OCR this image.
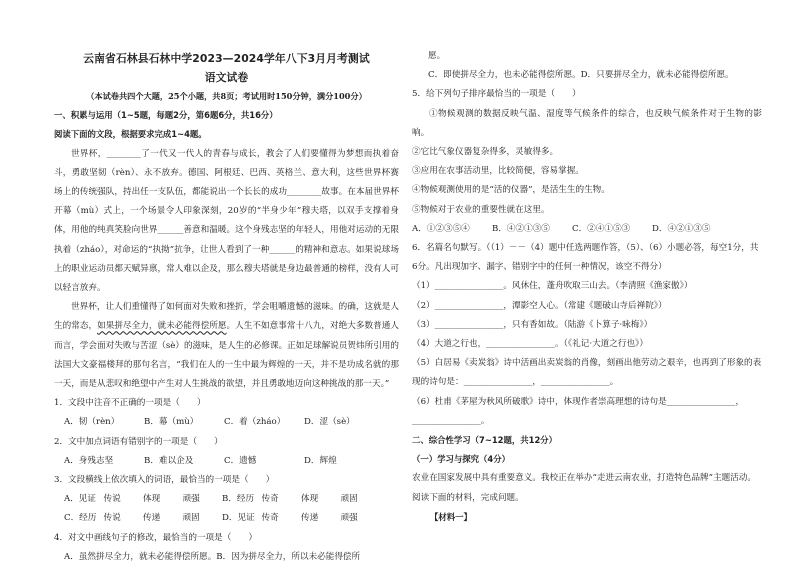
云南省石林县石林中学2023—2024学年八下3月月考测试
语文试卷
（本试卷共四个大题，25个小题，共8页；考试用时150分钟，满分100分）
一、积累与运用（1~5题，每题2分，第6题6分，共16分）
阅读下面的文段，根据要求完成1~4题。

世界杯，________了一代又一代人的青春与成长，教会了人们要懂得为梦想而执着奋斗，勇敢坚韧（rèn）、永不放弃。德国、阿根廷、巴西、英格兰、意大利，这些世界杯赛场上的传统强队，持出任一支队伍，都能说出一个长长的成功________故事。在本届世界杯开幕（mù）式上，一个场景令人印象深刻，20岁的“半身少年”穆夫塔，以双手支撑着身体，用他的纯真笑脸向世界______善意和温暖。这个身残志坚的年轻人，用他对运动的无限执着（zháo），对命运的“执拗”抗争，让世人看到了一种______的精神和意志。如果说球场上的职业运动员都天赋异禀，常人难以企及，那么穆夫塔就是身边最普通的榜样，没有人可以轻言放弃。

世界杯，让人们重懂得了如何面对失败和挫折，学会咀嚼遗憾的滋味。的确，这就是人生的常态，如果拼尽全力，就未必能得偿所愿。人生不如意事常十八九，对绝大多数普通人而言，学会面对失败与苦涩（sè）的滋味，是人生的必修课。正如足球解说员贺炜所引用的法国大文豪福楼拜的那句名言，“我们在人的一生中最为辉煌的一天，并不是功成名就的那一天，而是从悲叹和绝望中产生对人生挑战的欲望，并且勇敢地迈向这种挑战的那一天。”

1．文段中注音不正确的一项是（　　）
A．韧（rèn）	B．幕（mù）	C．着（zháo）	D．涩（sè）
2．文中加点词语有错别字的一项是（　　）
A．身残志坚	B．难以企及	C．遗憾	D．辉煌
3．文段横线上依次填入的词语，最恰当的一项是（　　）
A．见证 传说	体现	顽强	B．经历 传奇	体现	顽固
C．经历 传说	传递	顽固	D．见证 传奇	传递	顽强
4．对文中画线句子的修改，最恰当的一项是（　　）
A．虽然拼尽全力，就未必能得偿所愿。B．因为拼尽全力，所以未必能得偿所
愿。
C．即使拼尽全力，也未必能得偿所愿。D．只要拼尽全力，就未必能得偿所愿。
5．给下列句子排序最恰当的一项是（　　）

①物候观测的数据反映气温、湿度等气候条件的综合，也反映气候条件对于生物的影响。

②它比气象仪器复杂得多，灵敏得多。
③应用在农事活动里，比较简便，容易掌握。
④物候观测使用的是“活的仪器”，是活生生的生物。
⑤物候对于农业的重要性就在这里。
A．①②③⑤④	B．④②①③⑤	C．②④①⑤③	D．④②①③⑤

6．名篇名句默写。（（1）－－（4）题中任选两题作答，（5）、（6）小题必答，每空1分，共6分。凡出现加字、漏字、错别字中的任何一种情况，该空不得分）

（1）________________。风休住，蓬舟吹取三山去。（李清照《渔家傲》）
（2）________________，潭影空人心。（常建《题破山寺后禅院》）
（3）________________，只有香如故。（陆游《卜算子·咏梅》）
（4）大道之行也，________________。（《礼记·大道之行也》）

（5）白居易《卖炭翁》诗中活画出卖炭翁的肖像，刻画出他劳动之艰辛，也再到了形象的表现的诗句是：________________，________________。

（6）杜甫《茅屋为秋风所破歌》诗中，体现作者崇高理想的诗句是________________，________________。

二、综合性学习（7~12题，共12分）
（一）学习与探究（4分）

农业在国家发展中具有重要意义。我校正在举办“走进云南农业，打造特色品牌”主题活动。阅读下面的材料，完成问题。

【材料一】
